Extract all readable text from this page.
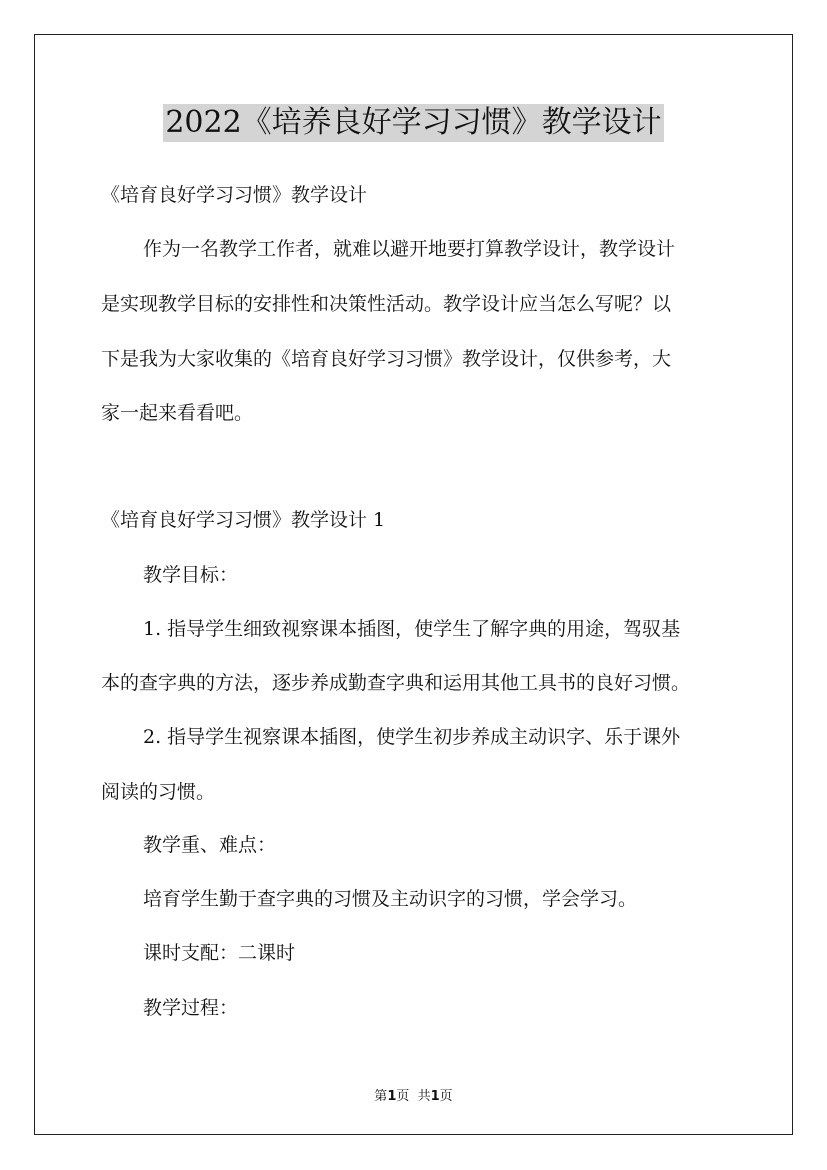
2022《培养良好学习习惯》教学设计
《培育良好学习习惯》教学设计
作为一名教学工作者，就难以避开地要打算教学设计，教学设计
是实现教学目标的安排性和决策性活动。教学设计应当怎么写呢？以
下是我为大家收集的《培育良好学习习惯》教学设计，仅供参考，大
家一起来看看吧。
《培育良好学习习惯》教学设计 1
教学目标：
1. 指导学生细致视察课本插图，使学生了解字典的用途，驾驭基
本的查字典的方法，逐步养成勤查字典和运用其他工具书的良好习惯。
2. 指导学生视察课本插图，使学生初步养成主动识字、乐于课外
阅读的习惯。
教学重、难点：
培育学生勤于查字典的习惯及主动识字的习惯，学会学习。
课时支配：二课时
教学过程：
第1页  共1页
